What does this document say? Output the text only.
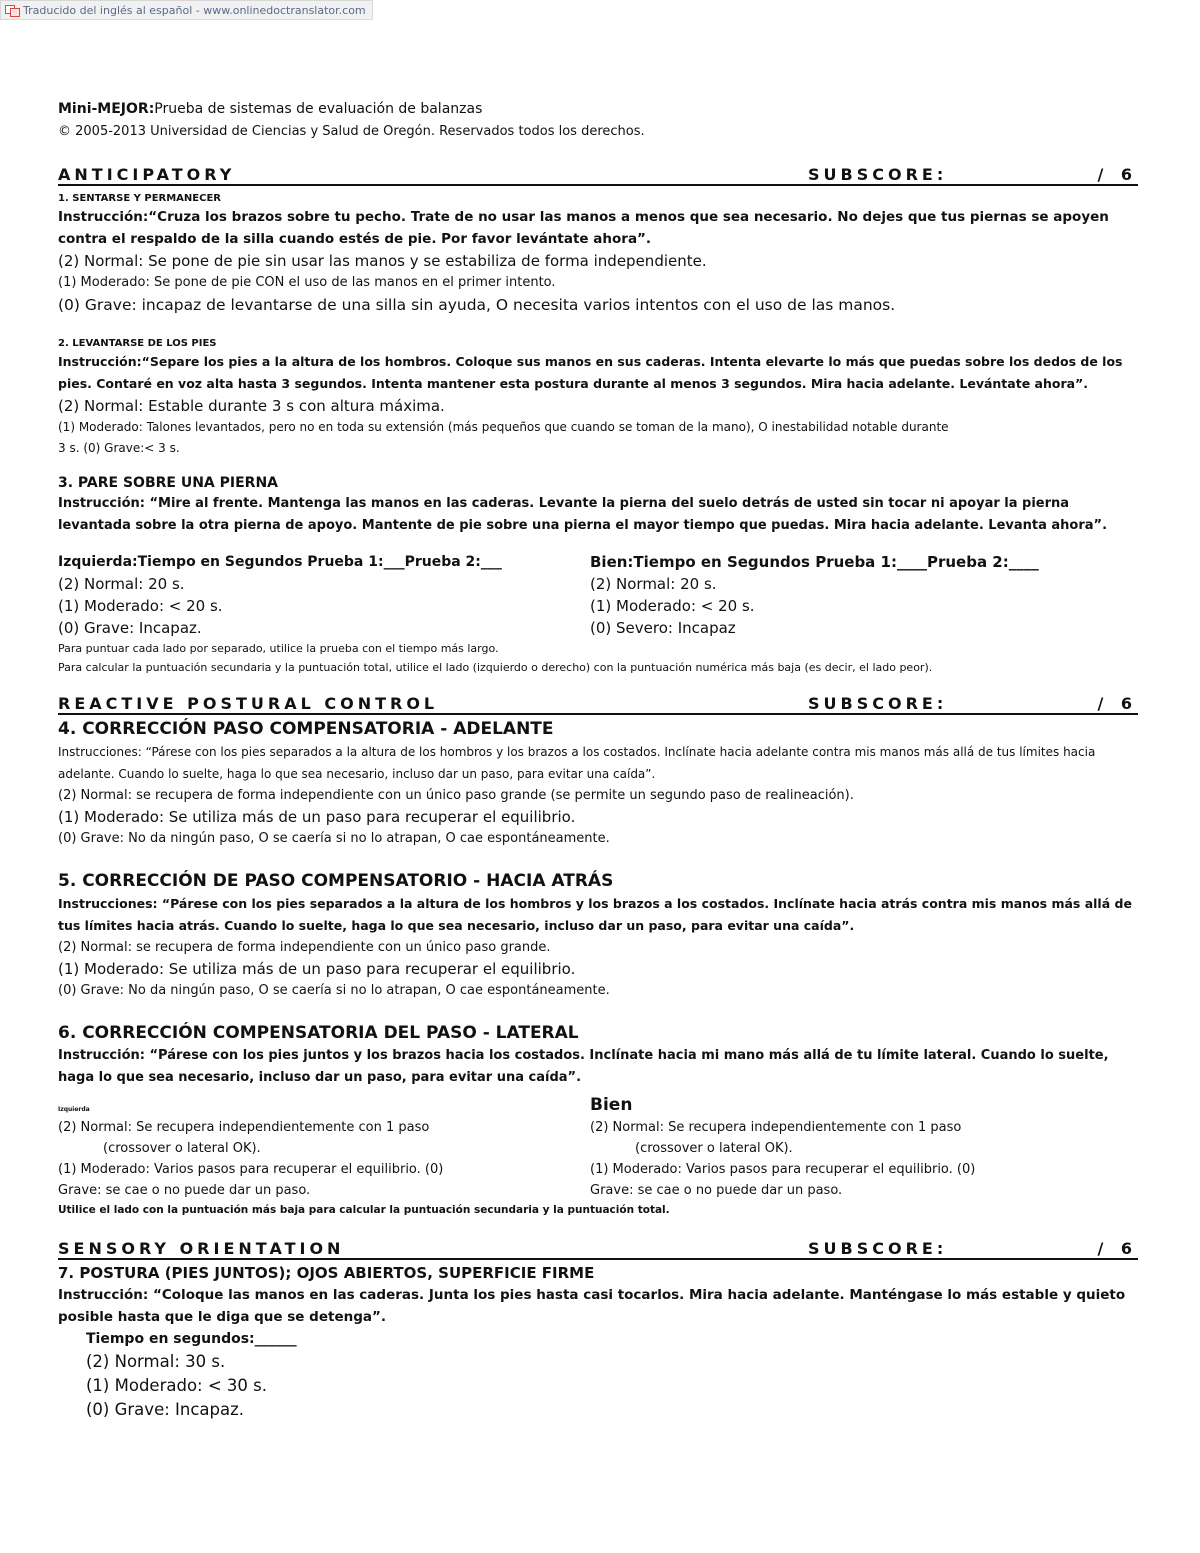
Traducido del inglés al español - www.onlinedoctranslator.com
Mini-MEJOR:Prueba de sistemas de evaluación de balanzas
© 2005-2013 Universidad de Ciencias y Salud de Oregón. Reservados todos los derechos.
ANTICIPATORY	SUBSCORE:	/ 6
1. SENTARSE Y PERMANECER
Instrucción:“Cruza los brazos sobre tu pecho. Trate de no usar las manos a menos que sea necesario. No dejes que tus piernas se apoyen contra el respaldo de la silla cuando estés de pie. Por favor levántate ahora”.
(2) Normal: Se pone de pie sin usar las manos y se estabiliza de forma independiente.
(1) Moderado: Se pone de pie CON el uso de las manos en el primer intento.
(0) Grave: incapaz de levantarse de una silla sin ayuda, O necesita varios intentos con el uso de las manos.
2. LEVANTARSE DE LOS PIES
Instrucción:“Separe los pies a la altura de los hombros. Coloque sus manos en sus caderas. Intenta elevarte lo más que puedas sobre los dedos de los pies. Contaré en voz alta hasta 3 segundos. Intenta mantener esta postura durante al menos 3 segundos. Mira hacia adelante. Levántate ahora”.
(2) Normal: Estable durante 3 s con altura máxima.
(1) Moderado: Talones levantados, pero no en toda su extensión (más pequeños que cuando se toman de la mano), O inestabilidad notable durante
3 s. (0) Grave:< 3 s.
3. PARE SOBRE UNA PIERNA
Instrucción: “Mire al frente. Mantenga las manos en las caderas. Levante la pierna del suelo detrás de usted sin tocar ni apoyar la pierna levantada sobre la otra pierna de apoyo. Mantente de pie sobre una pierna el mayor tiempo que puedas. Mira hacia adelante. Levanta ahora”.
Izquierda:Tiempo en Segundos Prueba 1:___Prueba 2:___
(2) Normal: 20 s.
(1) Moderado: < 20 s.
(0) Grave: Incapaz.
Bien:Tiempo en Segundos Prueba 1:____Prueba 2:____
(2) Normal: 20 s.
(1) Moderado: < 20 s.
(0) Severo: Incapaz
Para puntuar cada lado por separado, utilice la prueba con el tiempo más largo.
Para calcular la puntuación secundaria y la puntuación total, utilice el lado (izquierdo o derecho) con la puntuación numérica más baja (es decir, el lado peor).
REACTIVE POSTURAL CONTROL	SUBSCORE:	/ 6
4. CORRECCIÓN PASO COMPENSATORIA - ADELANTE
Instrucciones: “Párese con los pies separados a la altura de los hombros y los brazos a los costados. Inclínate hacia adelante contra mis manos más allá de tus límites hacia adelante. Cuando lo suelte, haga lo que sea necesario, incluso dar un paso, para evitar una caída”.
(2) Normal: se recupera de forma independiente con un único paso grande (se permite un segundo paso de realineación).
(1) Moderado: Se utiliza más de un paso para recuperar el equilibrio.
(0) Grave: No da ningún paso, O se caería si no lo atrapan, O cae espontáneamente.
5. CORRECCIÓN DE PASO COMPENSATORIO - HACIA ATRÁS
Instrucciones: “Párese con los pies separados a la altura de los hombros y los brazos a los costados. Inclínate hacia atrás contra mis manos más allá de tus límites hacia atrás. Cuando lo suelte, haga lo que sea necesario, incluso dar un paso, para evitar una caída”.
(2) Normal: se recupera de forma independiente con un único paso grande.
(1) Moderado: Se utiliza más de un paso para recuperar el equilibrio.
(0) Grave: No da ningún paso, O se caería si no lo atrapan, O cae espontáneamente.
6. CORRECCIÓN COMPENSATORIA DEL PASO - LATERAL
Instrucción: “Párese con los pies juntos y los brazos hacia los costados. Inclínate hacia mi mano más allá de tu límite lateral. Cuando lo suelte, haga lo que sea necesario, incluso dar un paso, para evitar una caída”.
Izquierda
(2) Normal: Se recupera independientemente con 1 paso
(crossover o lateral OK).
(1) Moderado: Varios pasos para recuperar el equilibrio. (0)
Grave: se cae o no puede dar un paso.
Bien
(2) Normal: Se recupera independientemente con 1 paso
(crossover o lateral OK).
(1) Moderado: Varios pasos para recuperar el equilibrio. (0)
Grave: se cae o no puede dar un paso.
Utilice el lado con la puntuación más baja para calcular la puntuación secundaria y la puntuación total.
SENSORY ORIENTATION	SUBSCORE:	/ 6
7. POSTURA (PIES JUNTOS); OJOS ABIERTOS, SUPERFICIE FIRME
Instrucción: “Coloque las manos en las caderas. Junta los pies hasta casi tocarlos. Mira hacia adelante. Manténgase lo más estable y quieto posible hasta que le diga que se detenga”.
Tiempo en segundos:______
(2) Normal: 30 s.
(1) Moderado: < 30 s.
(0) Grave: Incapaz.
